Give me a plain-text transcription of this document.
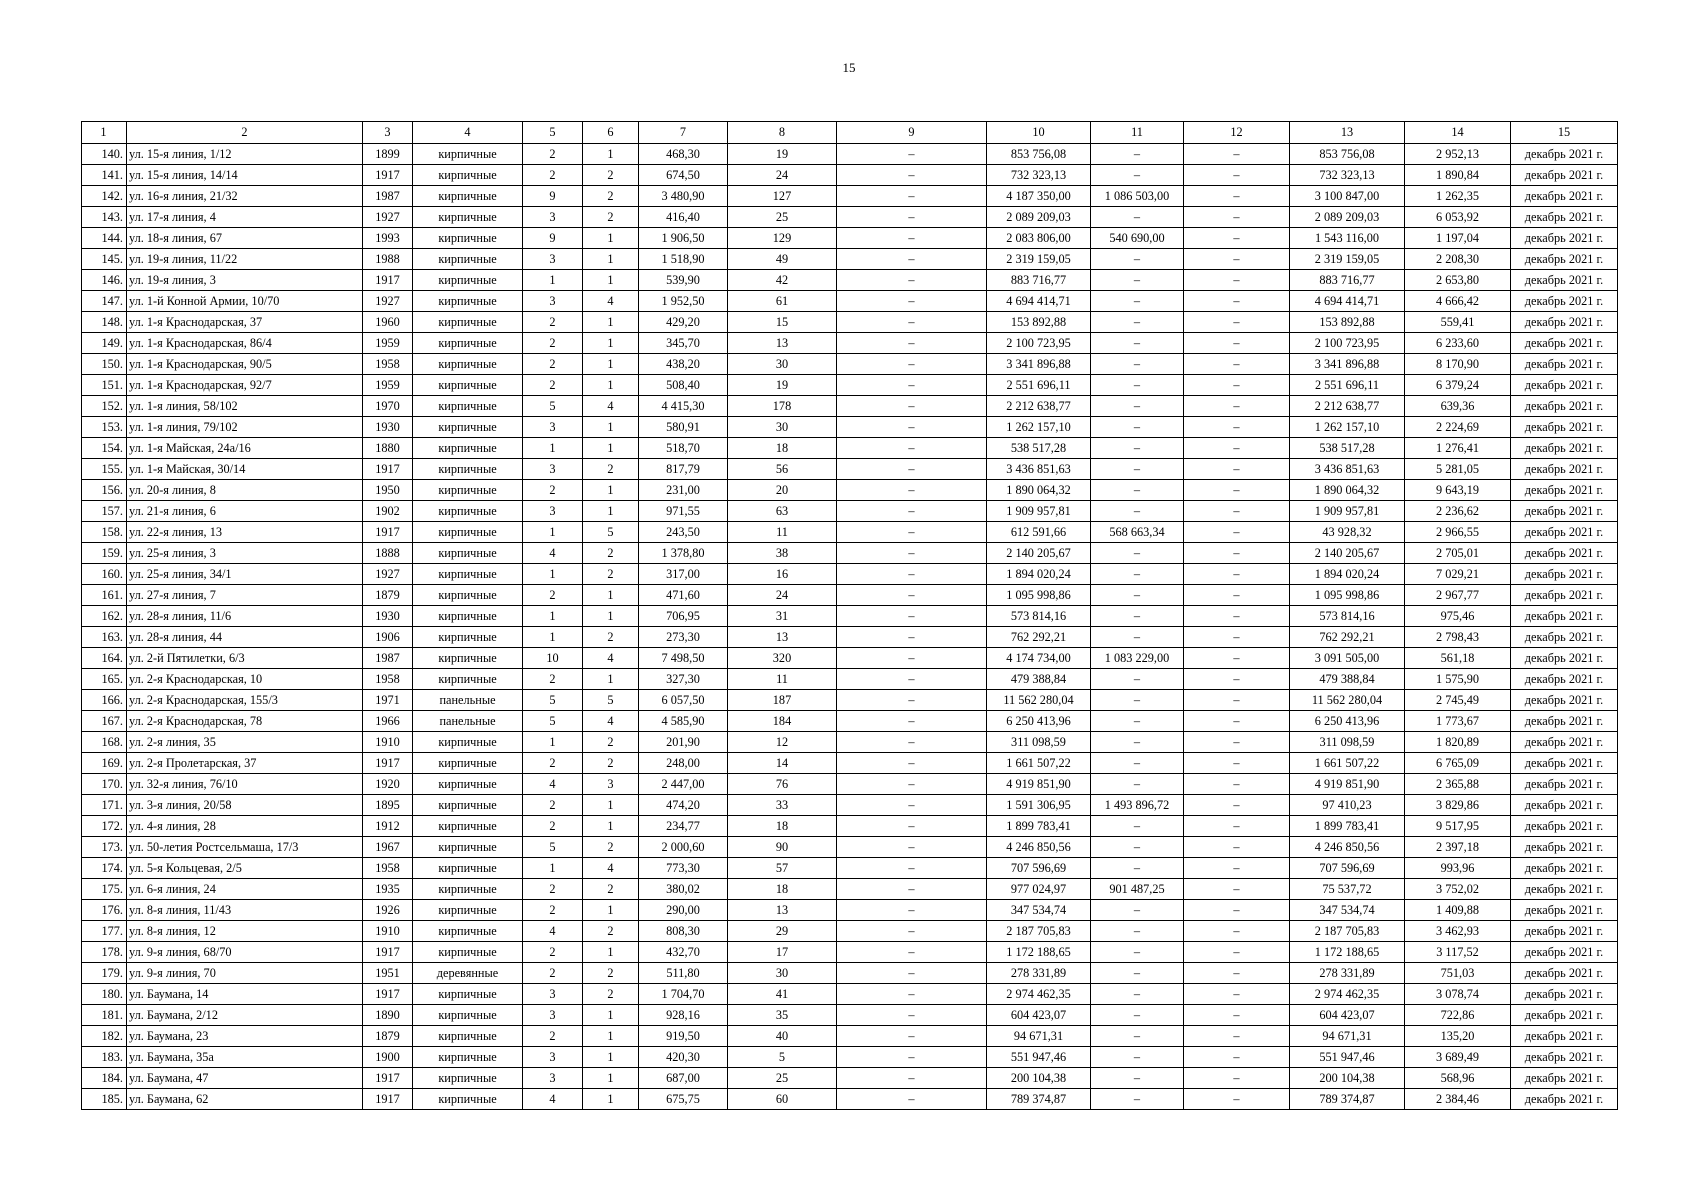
15
1	2	3	4	5	6	7	8	9	10	11	12	13	14	15
140.	ул. 15-я линия, 1/12	1899	кирпичные	2	1	468,30	19	–	853 756,08	–	–	853 756,08	2 952,13	декабрь 2021 г.
141.	ул. 15-я линия, 14/14	1917	кирпичные	2	2	674,50	24	–	732 323,13	–	–	732 323,13	1 890,84	декабрь 2021 г.
142.	ул. 16-я линия, 21/32	1987	кирпичные	9	2	3 480,90	127	–	4 187 350,00	1 086 503,00	–	3 100 847,00	1 262,35	декабрь 2021 г.
143.	ул. 17-я линия, 4	1927	кирпичные	3	2	416,40	25	–	2 089 209,03	–	–	2 089 209,03	6 053,92	декабрь 2021 г.
144.	ул. 18-я линия, 67	1993	кирпичные	9	1	1 906,50	129	–	2 083 806,00	540 690,00	–	1 543 116,00	1 197,04	декабрь 2021 г.
145.	ул. 19-я линия, 11/22	1988	кирпичные	3	1	1 518,90	49	–	2 319 159,05	–	–	2 319 159,05	2 208,30	декабрь 2021 г.
146.	ул. 19-я линия, 3	1917	кирпичные	1	1	539,90	42	–	883 716,77	–	–	883 716,77	2 653,80	декабрь 2021 г.
147.	ул. 1-й Конной Армии, 10/70	1927	кирпичные	3	4	1 952,50	61	–	4 694 414,71	–	–	4 694 414,71	4 666,42	декабрь 2021 г.
148.	ул. 1-я Краснодарская, 37	1960	кирпичные	2	1	429,20	15	–	153 892,88	–	–	153 892,88	559,41	декабрь 2021 г.
149.	ул. 1-я Краснодарская, 86/4	1959	кирпичные	2	1	345,70	13	–	2 100 723,95	–	–	2 100 723,95	6 233,60	декабрь 2021 г.
150.	ул. 1-я Краснодарская, 90/5	1958	кирпичные	2	1	438,20	30	–	3 341 896,88	–	–	3 341 896,88	8 170,90	декабрь 2021 г.
151.	ул. 1-я Краснодарская, 92/7	1959	кирпичные	2	1	508,40	19	–	2 551 696,11	–	–	2 551 696,11	6 379,24	декабрь 2021 г.
152.	ул. 1-я линия, 58/102	1970	кирпичные	5	4	4 415,30	178	–	2 212 638,77	–	–	2 212 638,77	639,36	декабрь 2021 г.
153.	ул. 1-я линия, 79/102	1930	кирпичные	3	1	580,91	30	–	1 262 157,10	–	–	1 262 157,10	2 224,69	декабрь 2021 г.
154.	ул. 1-я Майская, 24а/16	1880	кирпичные	1	1	518,70	18	–	538 517,28	–	–	538 517,28	1 276,41	декабрь 2021 г.
155.	ул. 1-я Майская, 30/14	1917	кирпичные	3	2	817,79	56	–	3 436 851,63	–	–	3 436 851,63	5 281,05	декабрь 2021 г.
156.	ул. 20-я линия, 8	1950	кирпичные	2	1	231,00	20	–	1 890 064,32	–	–	1 890 064,32	9 643,19	декабрь 2021 г.
157.	ул. 21-я линия, 6	1902	кирпичные	3	1	971,55	63	–	1 909 957,81	–	–	1 909 957,81	2 236,62	декабрь 2021 г.
158.	ул. 22-я линия, 13	1917	кирпичные	1	5	243,50	11	–	612 591,66	568 663,34	–	43 928,32	2 966,55	декабрь 2021 г.
159.	ул. 25-я линия, 3	1888	кирпичные	4	2	1 378,80	38	–	2 140 205,67	–	–	2 140 205,67	2 705,01	декабрь 2021 г.
160.	ул. 25-я линия, 34/1	1927	кирпичные	1	2	317,00	16	–	1 894 020,24	–	–	1 894 020,24	7 029,21	декабрь 2021 г.
161.	ул. 27-я линия, 7	1879	кирпичные	2	1	471,60	24	–	1 095 998,86	–	–	1 095 998,86	2 967,77	декабрь 2021 г.
162.	ул. 28-я линия, 11/6	1930	кирпичные	1	1	706,95	31	–	573 814,16	–	–	573 814,16	975,46	декабрь 2021 г.
163.	ул. 28-я линия, 44	1906	кирпичные	1	2	273,30	13	–	762 292,21	–	–	762 292,21	2 798,43	декабрь 2021 г.
164.	ул. 2-й Пятилетки, 6/3	1987	кирпичные	10	4	7 498,50	320	–	4 174 734,00	1 083 229,00	–	3 091 505,00	561,18	декабрь 2021 г.
165.	ул. 2-я Краснодарская, 10	1958	кирпичные	2	1	327,30	11	–	479 388,84	–	–	479 388,84	1 575,90	декабрь 2021 г.
166.	ул. 2-я Краснодарская, 155/3	1971	панельные	5	5	6 057,50	187	–	11 562 280,04	–	–	11 562 280,04	2 745,49	декабрь 2021 г.
167.	ул. 2-я Краснодарская, 78	1966	панельные	5	4	4 585,90	184	–	6 250 413,96	–	–	6 250 413,96	1 773,67	декабрь 2021 г.
168.	ул. 2-я линия, 35	1910	кирпичные	1	2	201,90	12	–	311 098,59	–	–	311 098,59	1 820,89	декабрь 2021 г.
169.	ул. 2-я Пролетарская, 37	1917	кирпичные	2	2	248,00	14	–	1 661 507,22	–	–	1 661 507,22	6 765,09	декабрь 2021 г.
170.	ул. 32-я линия, 76/10	1920	кирпичные	4	3	2 447,00	76	–	4 919 851,90	–	–	4 919 851,90	2 365,88	декабрь 2021 г.
171.	ул. 3-я линия, 20/58	1895	кирпичные	2	1	474,20	33	–	1 591 306,95	1 493 896,72	–	97 410,23	3 829,86	декабрь 2021 г.
172.	ул. 4-я линия, 28	1912	кирпичные	2	1	234,77	18	–	1 899 783,41	–	–	1 899 783,41	9 517,95	декабрь 2021 г.
173.	ул. 50-летия Ростсельмаша, 17/3	1967	кирпичные	5	2	2 000,60	90	–	4 246 850,56	–	–	4 246 850,56	2 397,18	декабрь 2021 г.
174.	ул. 5-я Кольцевая, 2/5	1958	кирпичные	1	4	773,30	57	–	707 596,69	–	–	707 596,69	993,96	декабрь 2021 г.
175.	ул. 6-я линия, 24	1935	кирпичные	2	2	380,02	18	–	977 024,97	901 487,25	–	75 537,72	3 752,02	декабрь 2021 г.
176.	ул. 8-я линия, 11/43	1926	кирпичные	2	1	290,00	13	–	347 534,74	–	–	347 534,74	1 409,88	декабрь 2021 г.
177.	ул. 8-я линия, 12	1910	кирпичные	4	2	808,30	29	–	2 187 705,83	–	–	2 187 705,83	3 462,93	декабрь 2021 г.
178.	ул. 9-я линия, 68/70	1917	кирпичные	2	1	432,70	17	–	1 172 188,65	–	–	1 172 188,65	3 117,52	декабрь 2021 г.
179.	ул. 9-я линия, 70	1951	деревянные	2	2	511,80	30	–	278 331,89	–	–	278 331,89	751,03	декабрь 2021 г.
180.	ул. Баумана, 14	1917	кирпичные	3	2	1 704,70	41	–	2 974 462,35	–	–	2 974 462,35	3 078,74	декабрь 2021 г.
181.	ул. Баумана, 2/12	1890	кирпичные	3	1	928,16	35	–	604 423,07	–	–	604 423,07	722,86	декабрь 2021 г.
182.	ул. Баумана, 23	1879	кирпичные	2	1	919,50	40	–	94 671,31	–	–	94 671,31	135,20	декабрь 2021 г.
183.	ул. Баумана, 35а	1900	кирпичные	3	1	420,30	5	–	551 947,46	–	–	551 947,46	3 689,49	декабрь 2021 г.
184.	ул. Баумана, 47	1917	кирпичные	3	1	687,00	25	–	200 104,38	–	–	200 104,38	568,96	декабрь 2021 г.
185.	ул. Баумана, 62	1917	кирпичные	4	1	675,75	60	–	789 374,87	–	–	789 374,87	2 384,46	декабрь 2021 г.
